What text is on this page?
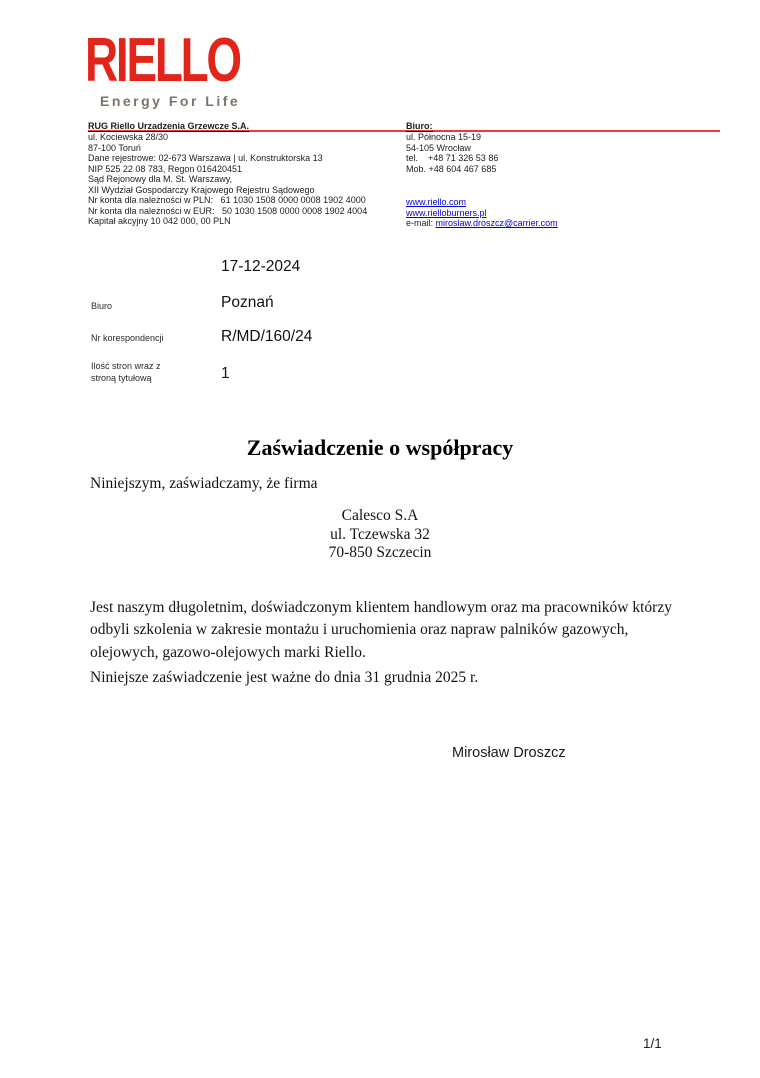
RIELLO
Energy For Life
RUG Riello Urzadzenia Grzewcze S.A.
ul. Kociewska 28/30
87-100 Toruń
Dane rejestrowe: 02-673 Warszawa | ul. Konstruktorska 13
NIP 525 22 08 783, Regon 016420451
Sąd Rejonowy dla M. St. Warszawy,
XII Wydział Gospodarczy Krajowego Rejestru Sądowego
Nr konta dla należności w PLN:   61 1030 1508 0000 0008 1902 4000
Nr konta dla należności w EUR:   50 1030 1508 0000 0008 1902 4004
Kapitał akcyjny 10 042 000, 00 PLN
Biuro:
ul. Północna 15-19
54-105 Wrocław
tel.    +48 71 326 53 86
Mob. +48 604 467 685
www.riello.com
www.rielloburners.pl
e-mail: miroslaw.droszcz@carrier.com
17-12-2024
Biuro	Poznań
Nr korespondencji	R/MD/160/24
Ilość stron wraz z
stroną tytułową	1
Zaświadczenie o współpracy
Niniejszym, zaświadczamy, że firma
Calesco S.A
ul. Tczewska 32
70-850 Szczecin
Jest naszym długoletnim, doświadczonym klientem handlowym oraz ma pracowników którzy
odbyli szkolenia w zakresie montażu i uruchomienia oraz napraw palników gazowych,
olejowych, gazowo-olejowych marki Riello.
Niniejsze zaświadczenie jest ważne do dnia 31 grudnia 2025 r.
Mirosław Droszcz
1/1
